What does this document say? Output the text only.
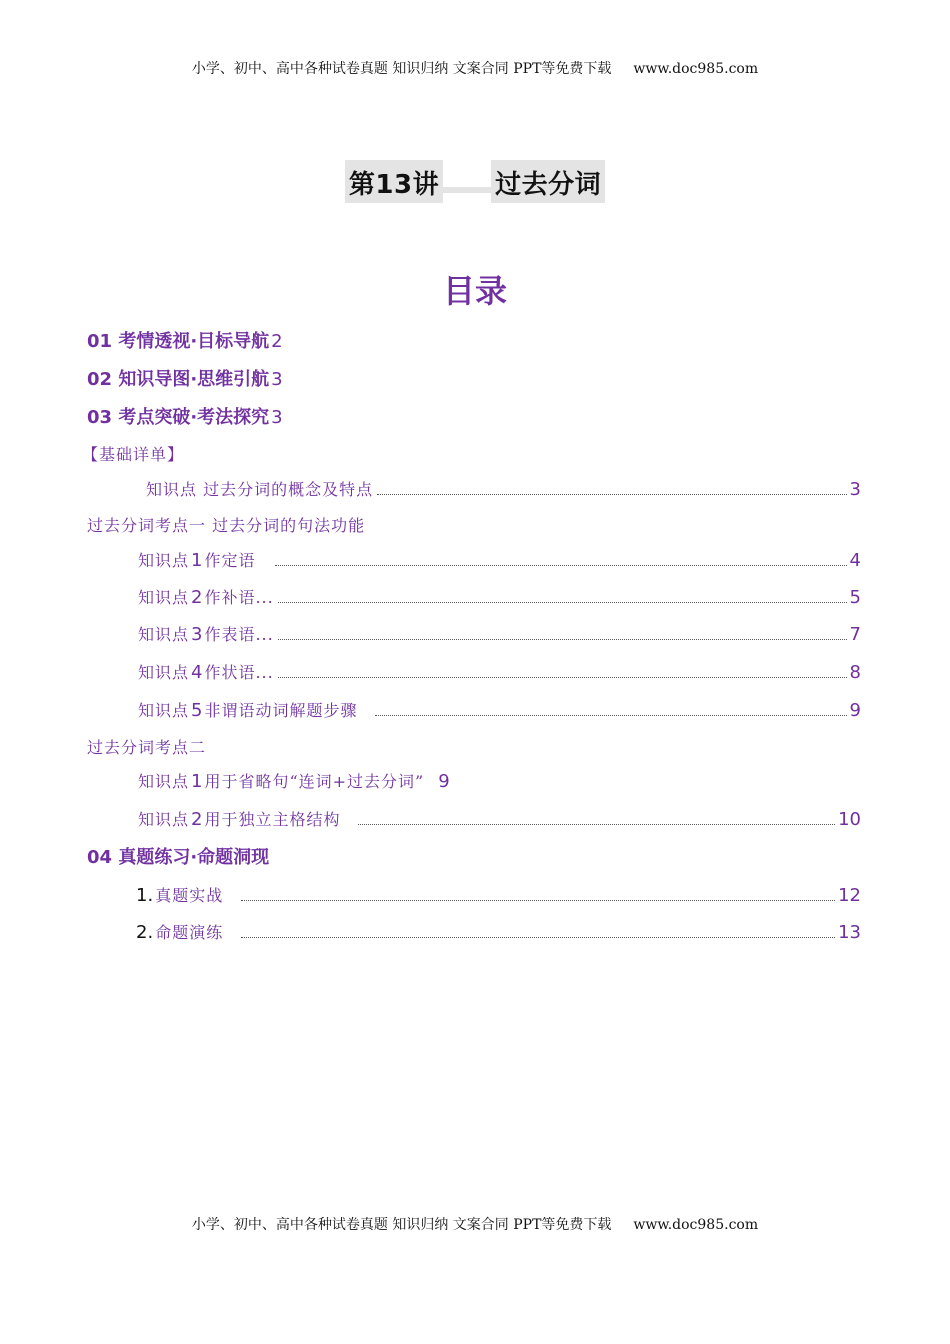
小学、初中、高中各种试卷真题 知识归纳 文案合同 PPT等免费下载 www.doc985.com
第13讲 过去分词
目录
01 考情透视·目标导航 2
02 知识导图·思维引航 3
03 考点突破·考法探究 3
【基础详单】
知识点 过去分词的概念及特点	3
过去分词考点一 过去分词的句法功能
知识点 1 作定语	4
知识点 2 作补语...	5
知识点 3 作表语...	7
知识点 4 作状语...	8
知识点 5 非谓语动词解题步骤	9
过去分词考点二
知识点 1 用于省略句“连词+过去分词” 9
知识点 2 用于独立主格结构	10
04 真题练习·命题洞现
1. 真题实战	12
2. 命题演练	13
小学、初中、高中各种试卷真题 知识归纳 文案合同 PPT等免费下载 www.doc985.com
